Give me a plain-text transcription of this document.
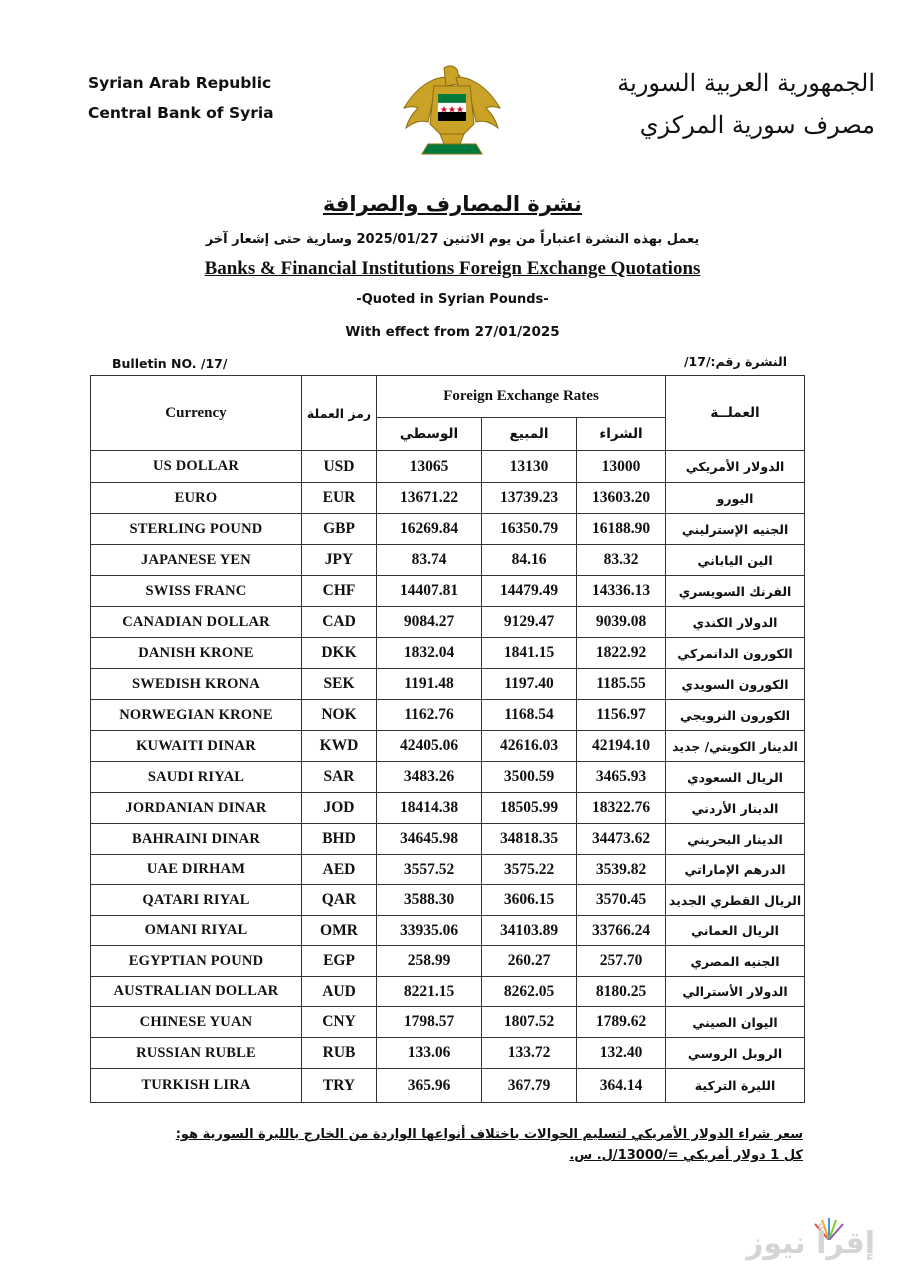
Syrian Arab Republic
Central Bank of Syria
الجمهورية العربية السورية
مصرف سورية المركزي
نشرة المصارف والصرافة
يعمل بهذه النشرة اعتباراً من يوم الاثنين 2025/01/27 وسارية حتى إشعار آخر
Banks & Financial Institutions Foreign Exchange Quotations
-Quoted in Syrian Pounds-
With effect from 27/01/2025
Bulletin NO. /17/	النشرة رقم:/17/
Currency	رمز العملة	Foreign Exchange Rates			العملــة
		الوسطي	المبيع	الشراء	
US DOLLAR	USD	13065	13130	13000	الدولار الأمريكي
EURO	EUR	13671.22	13739.23	13603.20	اليورو
STERLING POUND	GBP	16269.84	16350.79	16188.90	الجنيه الإسترليني
JAPANESE YEN	JPY	83.74	84.16	83.32	الين الياباني
SWISS FRANC	CHF	14407.81	14479.49	14336.13	الفرنك السويسري
CANADIAN DOLLAR	CAD	9084.27	9129.47	9039.08	الدولار الكندي
DANISH KRONE	DKK	1832.04	1841.15	1822.92	الكورون الدانمركي
SWEDISH KRONA	SEK	1191.48	1197.40	1185.55	الكورون السويدي
NORWEGIAN KRONE	NOK	1162.76	1168.54	1156.97	الكورون النرويجي
KUWAITI DINAR	KWD	42405.06	42616.03	42194.10	الدينار الكويتي/ جديد
SAUDI RIYAL	SAR	3483.26	3500.59	3465.93	الريال السعودي
JORDANIAN DINAR	JOD	18414.38	18505.99	18322.76	الدينار الأردني
BAHRAINI DINAR	BHD	34645.98	34818.35	34473.62	الدينار البحريني
UAE DIRHAM	AED	3557.52	3575.22	3539.82	الدرهم الإماراتي
QATARI RIYAL	QAR	3588.30	3606.15	3570.45	الريال القطري الجديد
OMANI RIYAL	OMR	33935.06	34103.89	33766.24	الريال العماني
EGYPTIAN POUND	EGP	258.99	260.27	257.70	الجنيه المصري
AUSTRALIAN DOLLAR	AUD	8221.15	8262.05	8180.25	الدولار الأسترالي
CHINESE YUAN	CNY	1798.57	1807.52	1789.62	اليوان الصيني
RUSSIAN RUBLE	RUB	133.06	133.72	132.40	الروبل الروسي
TURKISH LIRA	TRY	365.96	367.79	364.14	الليرة التركية
سعر شراء الدولار الأمريكي لتسليم الحوالات باختلاف أنواعها الواردة من الخارج بالليرة السورية هو:
كل 1 دولار أمريكي =/13000/ل. س.
إقرأ نيوز
